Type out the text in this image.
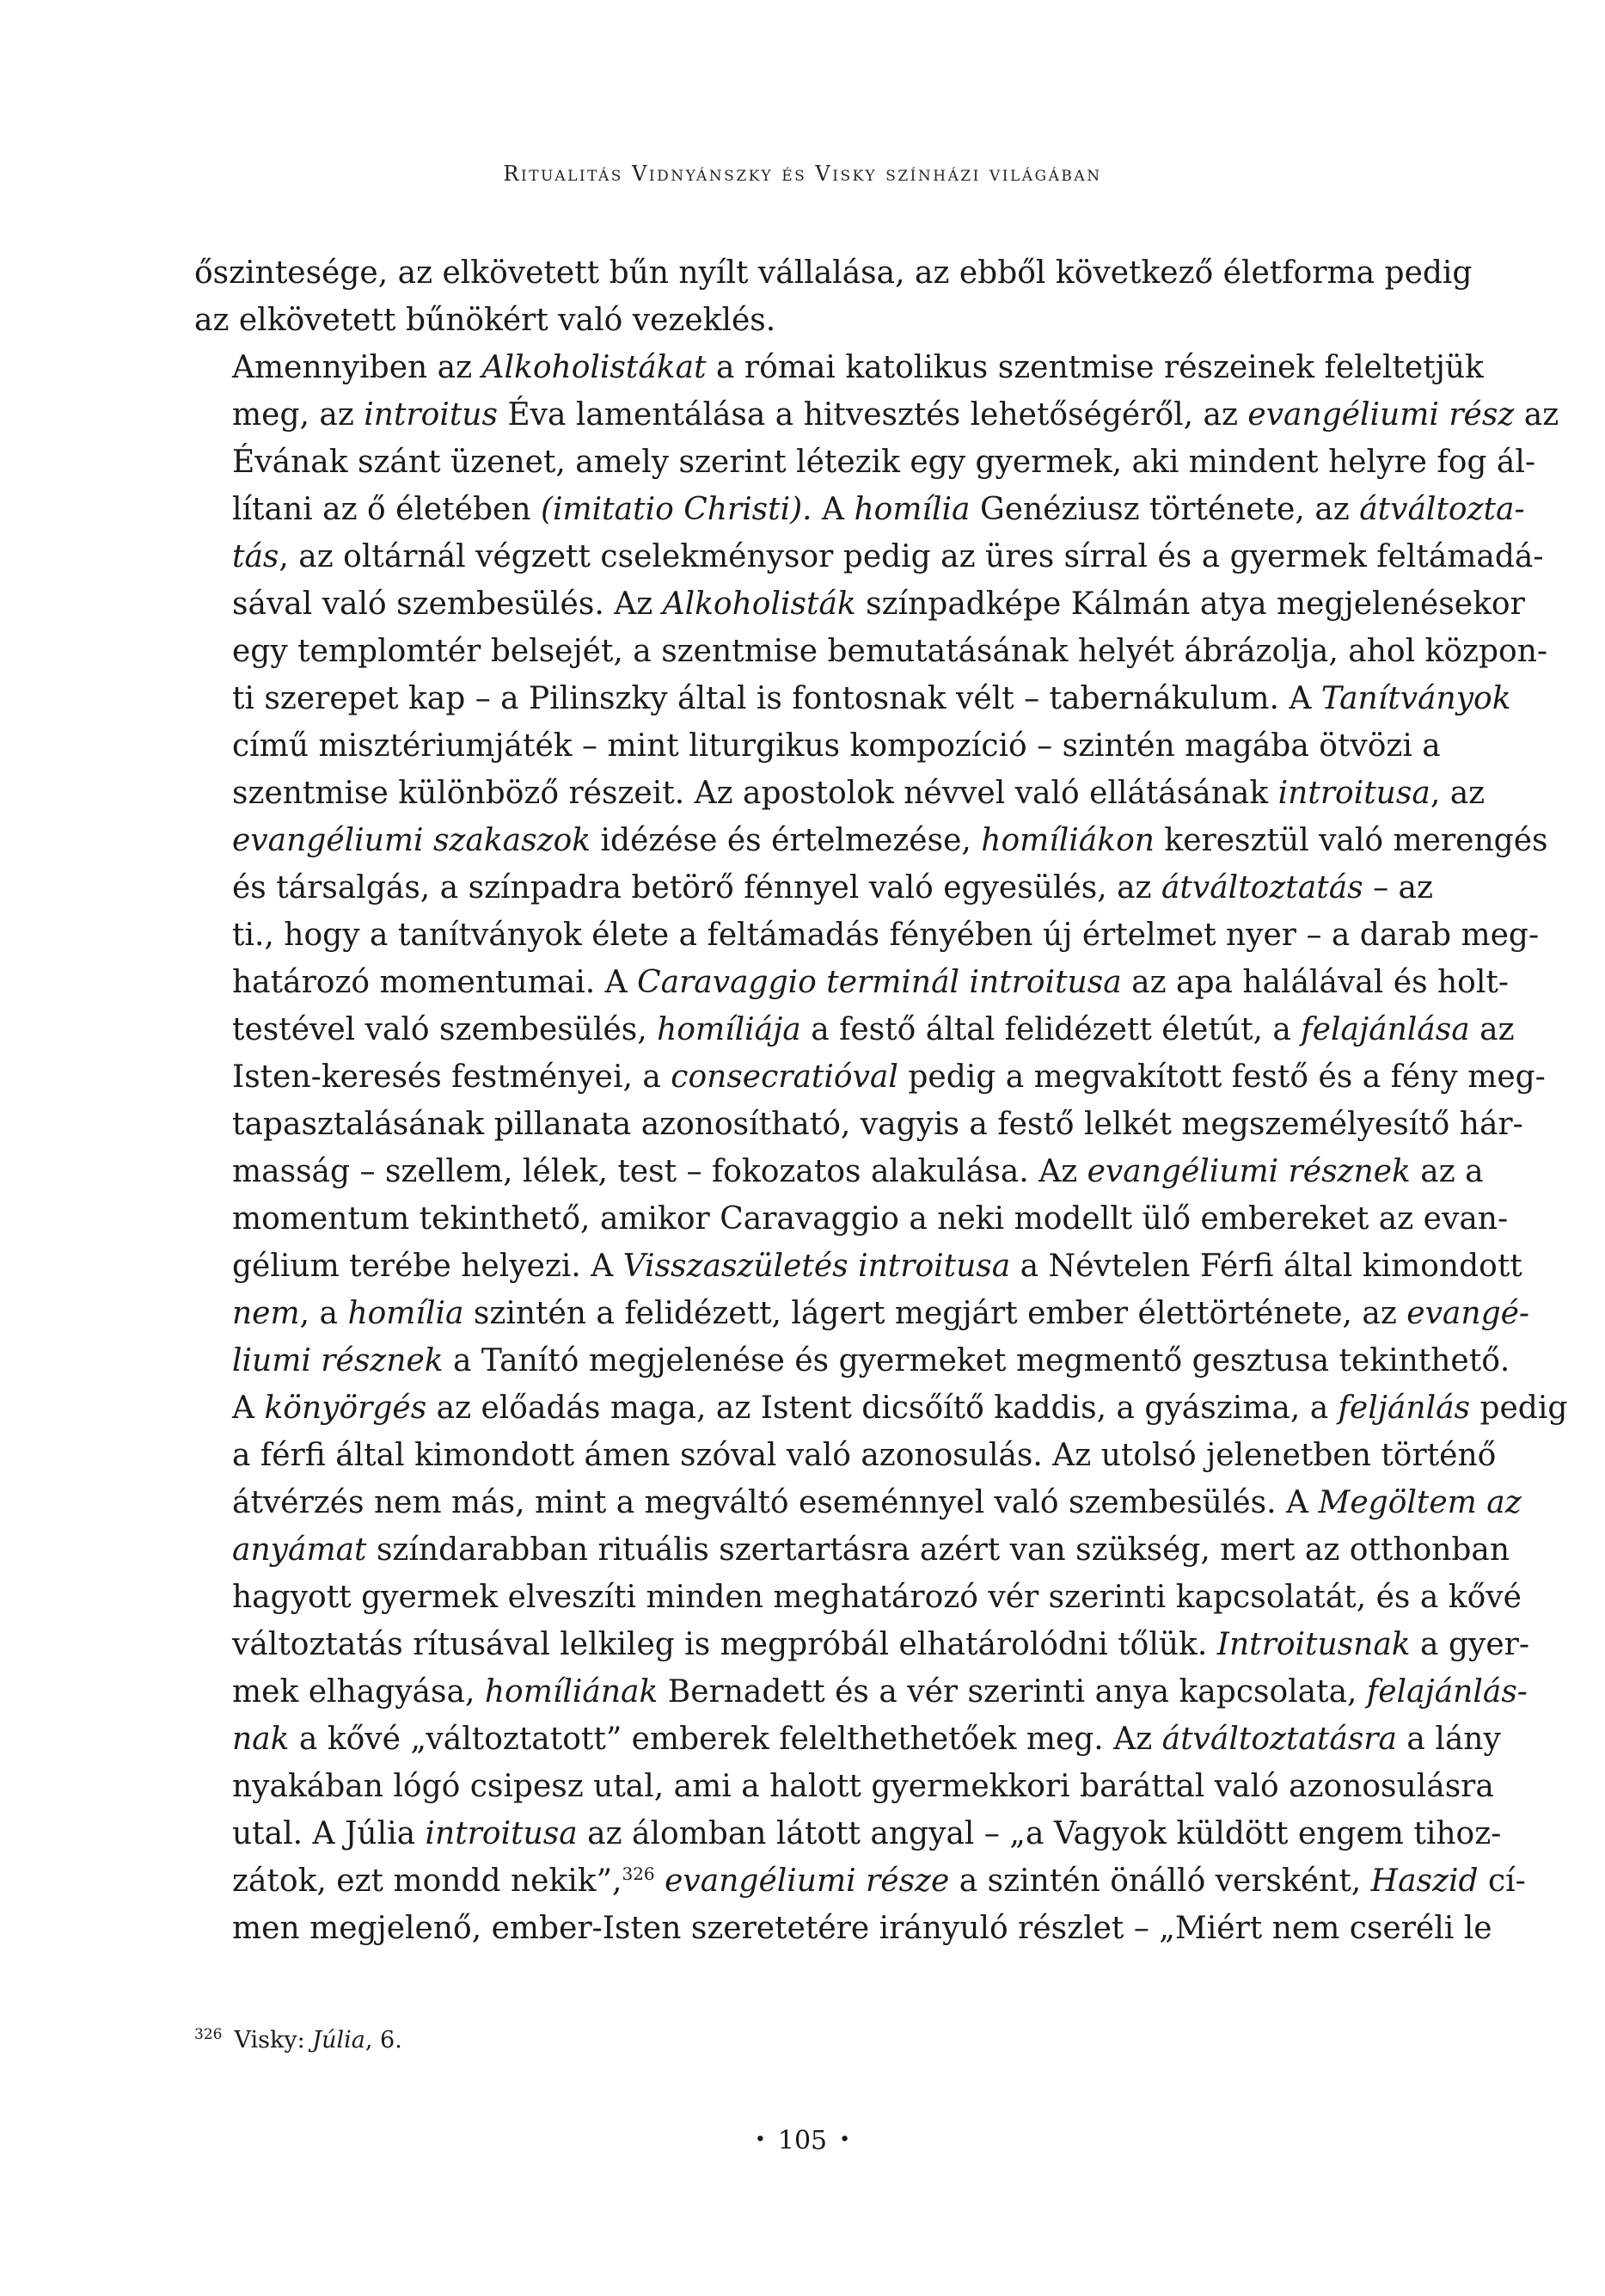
Ritualitás Vidnyánszky és Visky színházi világában

őszintesége, az elkövetett bűn nyílt vállalása, az ebből következő életforma pedig
az elkövetett bűnökért való vezeklés.

Amennyiben az Alkoholistákat a római katolikus szentmise részeinek feleltetjük
meg, az introitus Éva lamentálása a hitvesztés lehetőségéről, az evangéliumi rész az
Évának szánt üzenet, amely szerint létezik egy gyermek, aki mindent helyre fog ál-
lítani az ő életében (imitatio Christi). A homília Genéziusz története, az átváltozta-
tás, az oltárnál végzett cselekménysor pedig az üres sírral és a gyermek feltámadá-
sával való szembesülés. Az Alkoholisták színpadképe Kálmán atya megjelenésekor
egy templomtér belsejét, a szentmise bemutatásának helyét ábrázolja, ahol közpon-
ti szerepet kap – a Pilinszky által is fontosnak vélt – tabernákulum. A Tanítványok
című misztériumjáték – mint liturgikus kompozíció – szintén magába ötvözi a
szentmise különböző részeit. Az apostolok névvel való ellátásának introitusa, az
evangéliumi szakaszok idézése és értelmezése, homíliákon keresztül való merengés
és társalgás, a színpadra betörő fénnyel való egyesülés, az átváltoztatás – az
ti., hogy a tanítványok élete a feltámadás fényében új értelmet nyer – a darab meg-
határozó momentumai. A Caravaggio terminál introitusa az apa halálával és holt-
testével való szembesülés, homíliája a festő által felidézett életút, a felajánlása az
Isten-keresés festményei, a consecratióval pedig a megvakított festő és a fény meg-
tapasztalásának pillanata azonosítható, vagyis a festő lelkét megszemélyesítő hár-
masság – szellem, lélek, test – fokozatos alakulása. Az evangéliumi résznek az a
momentum tekinthető, amikor Caravaggio a neki modellt ülő embereket az evan-
gélium terébe helyezi. A Visszaszületés introitusa a Névtelen Férfi által kimondott
nem, a homília szintén a felidézett, lágert megjárt ember élettörténete, az evangé-
liumi résznek a Tanító megjelenése és gyermeket megmentő gesztusa tekinthető.
A könyörgés az előadás maga, az Istent dicsőítő kaddis, a gyászima, a feljánlás pedig
a férfi által kimondott ámen szóval való azonosulás. Az utolsó jelenetben történő
átvérzés nem más, mint a megváltó eseménnyel való szembesülés. A Megöltem az
anyámat színdarabban rituális szertartásra azért van szükség, mert az otthonban
hagyott gyermek elveszíti minden meghatározó vér szerinti kapcsolatát, és a kővé
változtatás rítusával lelkileg is megpróbál elhatárolódni tőlük. Introitusnak a gyer-
mek elhagyása, homíliának Bernadett és a vér szerinti anya kapcsolata, felajánlás-
nak a kővé „változtatott” emberek felelthethetőek meg. Az átváltoztatásra a lány
nyakában lógó csipesz utal, ami a halott gyermekkori baráttal való azonosulásra
utal. A Júlia introitusa az álomban látott angyal – „a Vagyok küldött engem tihoz-
zátok, ezt mondd nekik”,$^{326}$ evangéliumi része a szintén önálló versként, Haszid cí-
men megjelenő, ember-Isten szeretetére irányuló részlet – „Miért nem cseréli le

$^{326}$ Visky: Júlia, 6.
• 105 •
